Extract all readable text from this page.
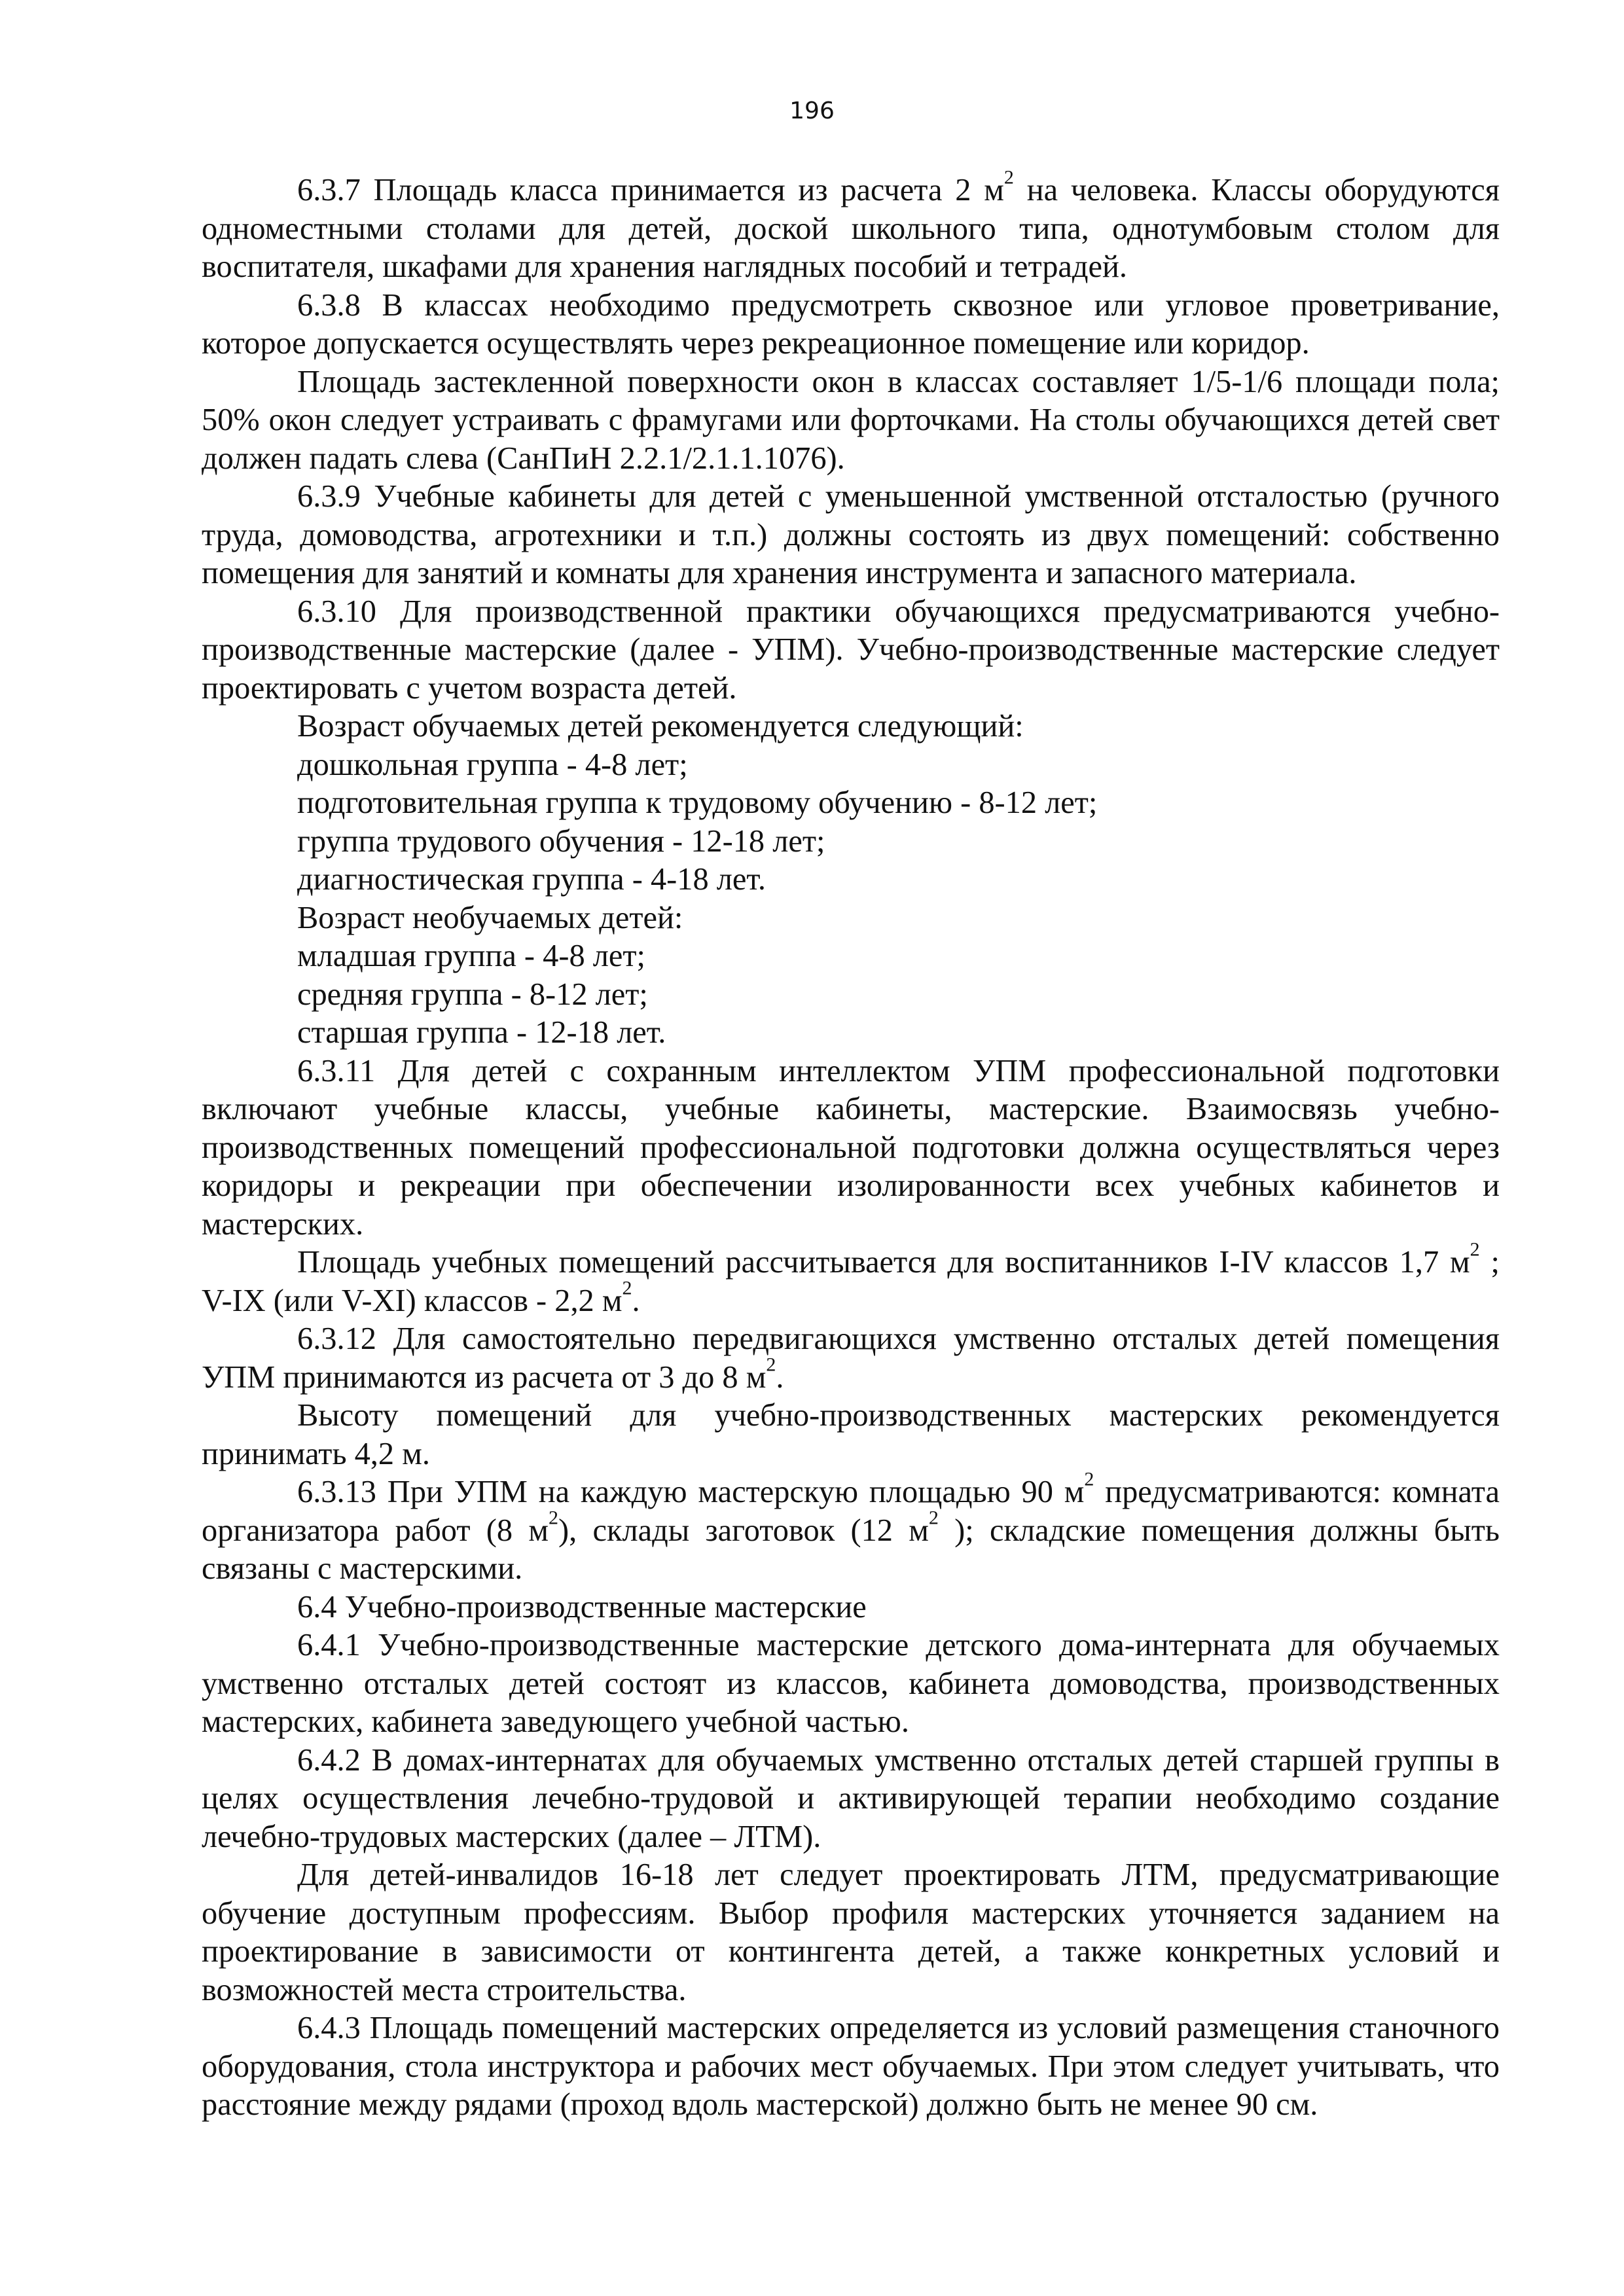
196

6.3.7 Площадь класса принимается из расчета 2 $м^2$ на человека. Классы оборудуются одноместными столами для детей, доской школьного типа, однотумбовым столом для воспитателя, шкафами для хранения наглядных пособий и тетрадей.

6.3.8 В классах необходимо предусмотреть сквозное или угловое проветривание, которое допускается осуществлять через рекреационное помещение или коридор.

Площадь застекленной поверхности окон в классах составляет 1/5-1/6 площади пола; 50% окон следует устраивать с фрамугами или форточками. На столы обучающихся детей свет должен падать слева (СанПиН 2.2.1/2.1.1.1076).

6.3.9 Учебные кабинеты для детей с уменьшенной умственной отсталостью (ручного труда, домоводства, агротехники и т.п.) должны состоять из двух помещений: собственно помещения для занятий и комнаты для хранения инструмента и запасного материала.

6.3.10 Для производственной практики обучающихся предусматриваются учебно-производственные мастерские (далее - УПМ). Учебно-производственные мастерские следует проектировать с учетом возраста детей.

Возраст обучаемых детей рекомендуется следующий:

дошкольная группа - 4-8 лет;

подготовительная группа к трудовому обучению - 8-12 лет;

группа трудового обучения - 12-18 лет;

диагностическая группа - 4-18 лет.

Возраст необучаемых детей:

младшая группа - 4-8 лет;

средняя группа - 8-12 лет;

старшая группа - 12-18 лет.

6.3.11 Для детей с сохранным интеллектом УПМ профессиональной подготовки включают учебные классы, учебные кабинеты, мастерские. Взаимосвязь учебно-производственных помещений профессиональной подготовки должна осуществляться через коридоры и рекреации при обеспечении изолированности всех учебных кабинетов и мастерских.

Площадь учебных помещений рассчитывается для воспитанников I-IV классов 1,7 $м^2$ ; V-IX (или V-XI) классов - 2,2 $м^2$.

6.3.12 Для самостоятельно передвигающихся умственно отсталых детей помещения УПМ принимаются из расчета от 3 до 8 $м^2$.

Высоту помещений для учебно-производственных мастерских рекомендуется принимать 4,2 м.

6.3.13 При УПМ на каждую мастерскую площадью 90 $м^2$ предусматриваются: комната организатора работ (8 $м^2$), склады заготовок (12 $м^2$ ); складские помещения должны быть связаны с мастерскими.

6.4 Учебно-производственные мастерские

6.4.1 Учебно-производственные мастерские детского дома-интерната для обучаемых умственно отсталых детей состоят из классов, кабинета домоводства, производственных мастерских, кабинета заведующего учебной частью.

6.4.2 В домах-интернатах для обучаемых умственно отсталых детей старшей группы в целях осуществления лечебно-трудовой и активирующей терапии необходимо создание лечебно-трудовых мастерских (далее – ЛТМ).

Для детей-инвалидов 16-18 лет следует проектировать ЛТМ, предусматривающие обучение доступным профессиям. Выбор профиля мастерских уточняется заданием на проектирование в зависимости от контингента детей, а также конкретных условий и возможностей места строительства.

6.4.3 Площадь помещений мастерских определяется из условий размещения станочного оборудования, стола инструктора и рабочих мест обучаемых. При этом следует учитывать, что расстояние между рядами (проход вдоль мастерской) должно быть не менее 90 см.
